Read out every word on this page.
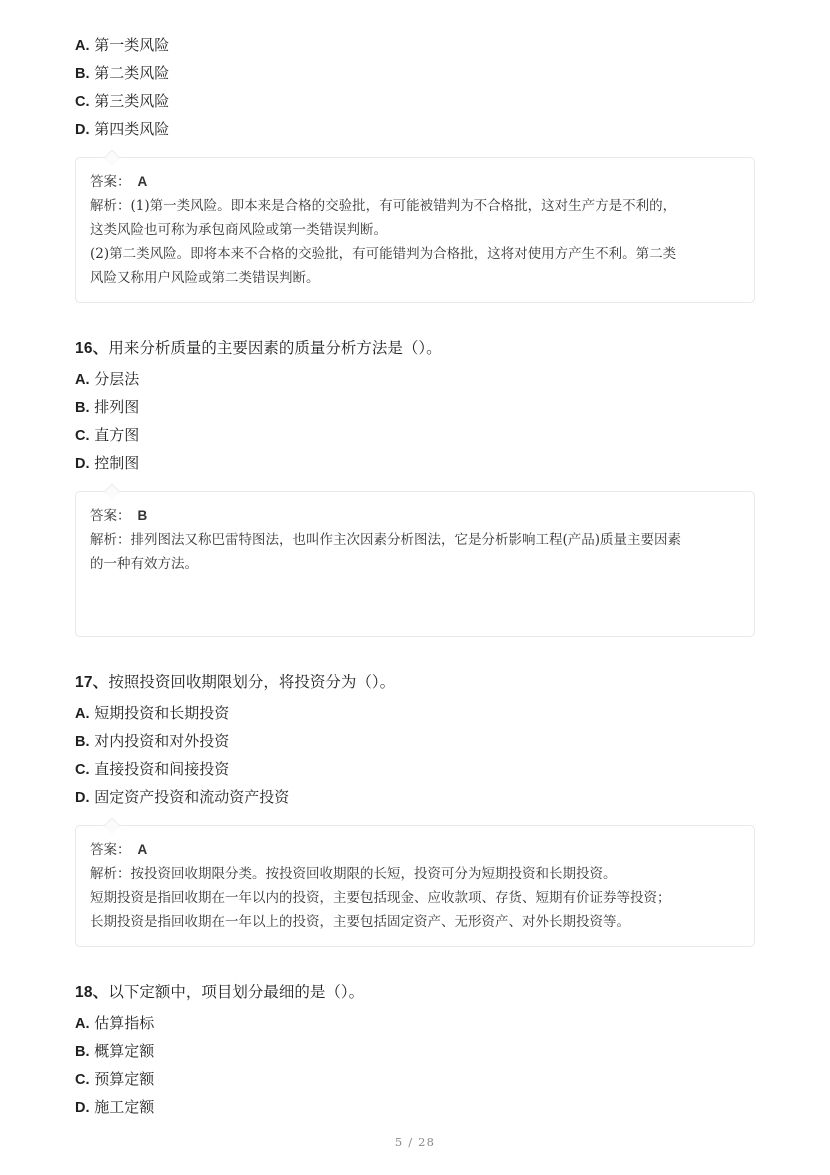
A. 第一类风险
B. 第二类风险
C. 第三类风险
D. 第四类风险
答案： A
解析：(1)第一类风险。即本来是合格的交验批，有可能被错判为不合格批，这对生产方是不利的，
这类风险也可称为承包商风险或第一类错误判断。
(2)第二类风险。即将本来不合格的交验批，有可能错判为合格批，这将对使用方产生不利。第二类
风险又称用户风险或第二类错误判断。
16、用来分析质量的主要因素的质量分析方法是（）。
A. 分层法
B. 排列图
C. 直方图
D. 控制图
答案： B
解析：排列图法又称巴雷特图法，也叫作主次因素分析图法，它是分析影响工程(产品)质量主要因素
的一种有效方法。
17、按照投资回收期限划分，将投资分为（）。
A. 短期投资和长期投资
B. 对内投资和对外投资
C. 直接投资和间接投资
D. 固定资产投资和流动资产投资
答案： A
解析：按投资回收期限分类。按投资回收期限的长短，投资可分为短期投资和长期投资。
短期投资是指回收期在一年以内的投资，主要包括现金、应收款项、存货、短期有价证券等投资；
长期投资是指回收期在一年以上的投资，主要包括固定资产、无形资产、对外长期投资等。
18、以下定额中，项目划分最细的是（）。
A. 估算指标
B. 概算定额
C. 预算定额
D. 施工定额
5 / 28
